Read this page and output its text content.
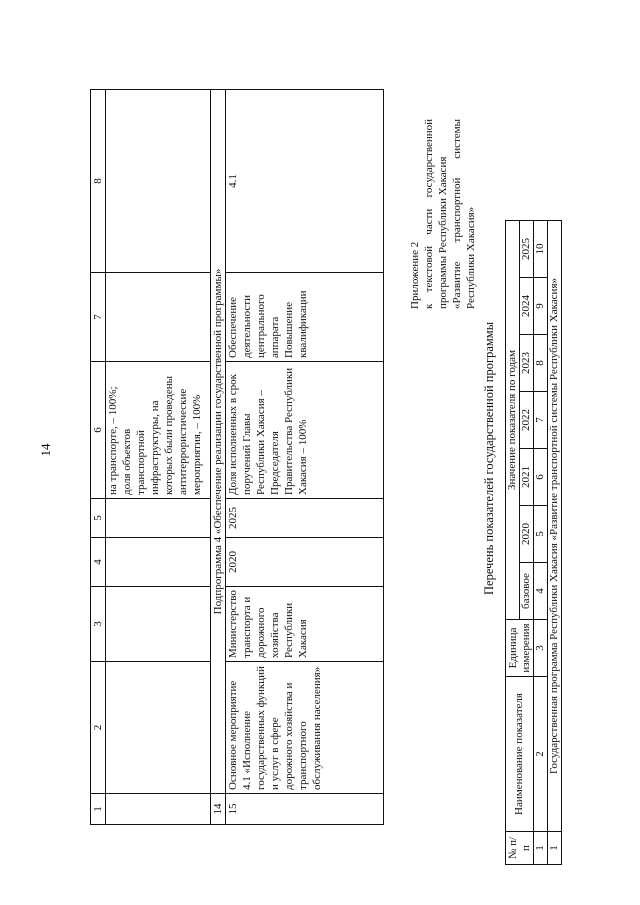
14
1	2	3	4	5	6	7	8
					на транспорте, – 100%; доля объектов транспортной инфраструктуры, на которых были проведены антитеррористические мероприятия, – 100%		
14	Подпрограмма 4 «Обеспечение реализации государственной программы»						
15	Основное мероприятие 4.1 «Исполнение государственных функций и услуг в сфере дорожного хозяйства и транспортного обслуживания населения»	Министерство транспорта и дорожного хозяйства Республики Хакасия	2020	2025	Доля исполненных в срок поручений Главы Республики Хакасия – Председателя Правительства Республики Хакасия – 100%	Обеспечение деятельности центрального аппарата Повышение квалификации	4.1
Приложение 2 к текстовой части государственной программы Республики Хакасия «Развитие транспортной системы Республики Хакасия»
Перечень показателей государственной программы
№ п/п	Наименование показателя	Единица измерения	Значение показателя по годам						
			базовое	2020	2021	2022	2023	2024	2025
1	2	3	4	5	6	7	8	9	10
1	Государственная программа Республики Хакасия «Развитие транспортной системы Республики Хакасия»								
